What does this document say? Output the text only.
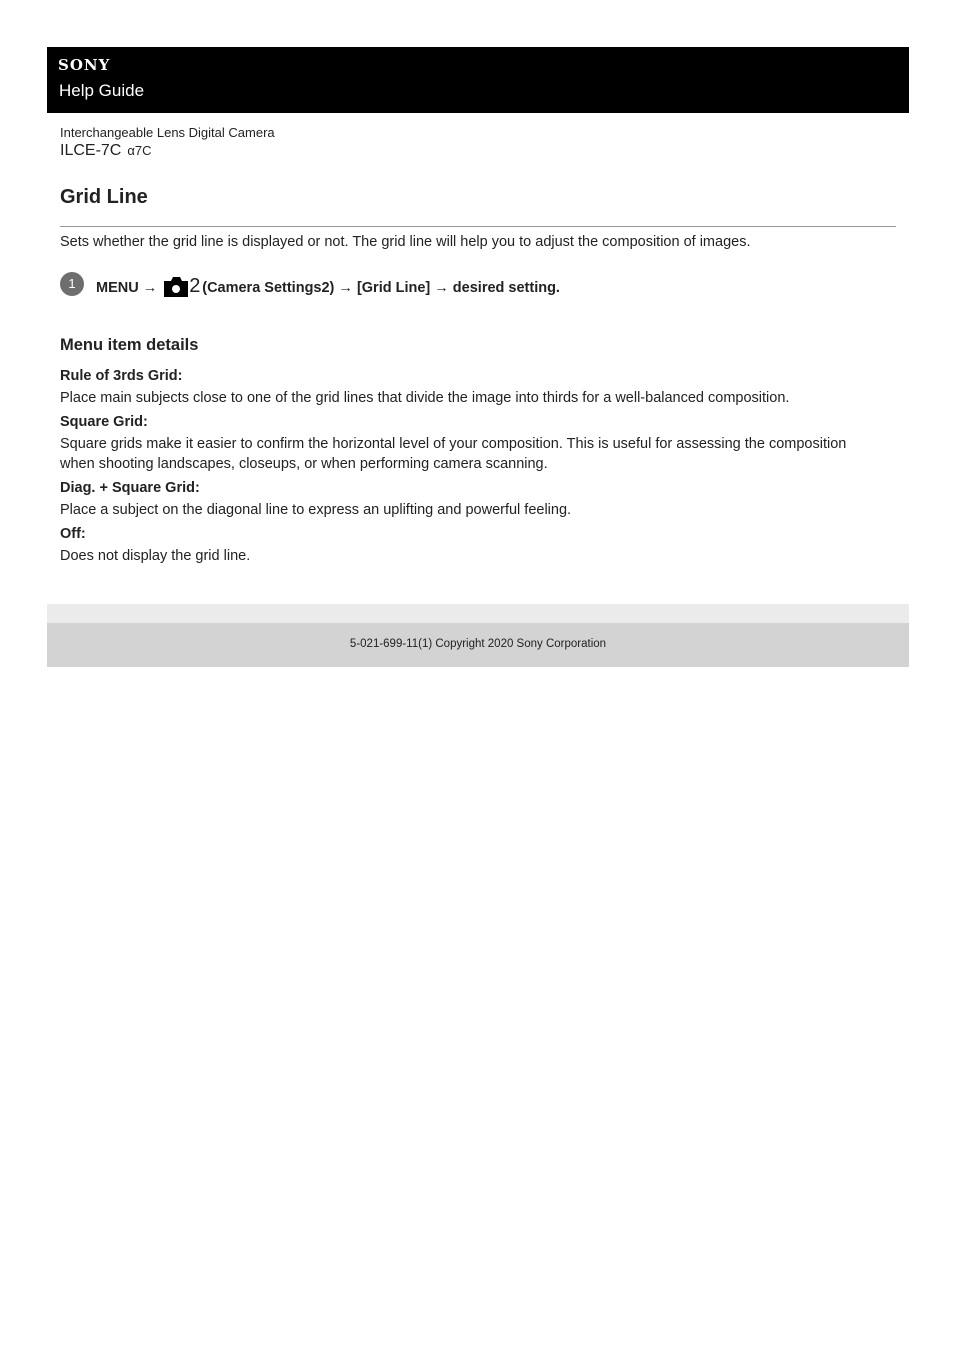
SONY
Help Guide
Interchangeable Lens Digital Camera
ILCE-7C α7C
Grid Line
Sets whether the grid line is displayed or not. The grid line will help you to adjust the composition of images.
1	MENU → 2 (Camera Settings2) → [Grid Line] → desired setting.
Menu item details
Rule of 3rds Grid:
Place main subjects close to one of the grid lines that divide the image into thirds for a well-balanced composition.
Square Grid:
Square grids make it easier to confirm the horizontal level of your composition. This is useful for assessing the composition when shooting landscapes, closeups, or when performing camera scanning.
Diag. + Square Grid:
Place a subject on the diagonal line to express an uplifting and powerful feeling.
Off:
Does not display the grid line.
5-021-699-11(1) Copyright 2020 Sony Corporation
